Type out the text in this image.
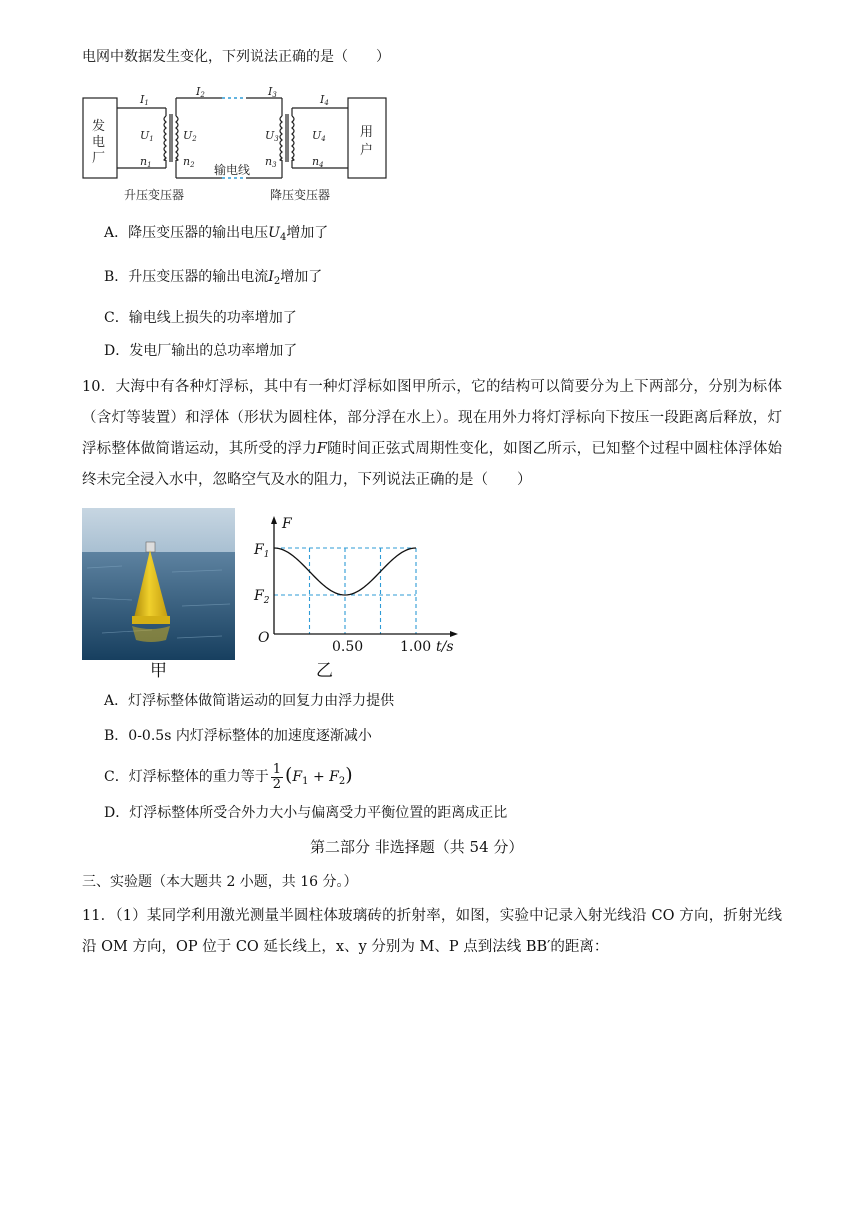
电网中数据发生变化，下列说法正确的是（　　）
发
电
厂
用
户
I1
I2	I3	I4
U1	U2	U3	U4
n1	n2	n3	n4
输电线
升压变压器	降压变压器
A．降压变压器的输出电压$U_4$增加了
B．升压变压器的输出电流$I_2$增加了
C．输电线上损失的功率增加了
D．发电厂输出的总功率增加了
10．大海中有各种灯浮标，其中有一种灯浮标如图甲所示，它的结构可以简要分为上下两部分，分别为标体（含灯等装置）和浮体（形状为圆柱体，部分浮在水上）。现在用外力将灯浮标向下按压一段距离后释放，灯浮标整体做简谐运动，其所受的浮力F随时间正弦式周期性变化，如图乙所示，已知整个过程中圆柱体浮体始终未完全浸入水中，忽略空气及水的阻力，下列说法正确的是（　　）
甲
F
$F_1$
$F_2$
O
0.50	1.00 t/s
乙
A．灯浮标整体做简谐运动的回复力由浮力提供
B．0-0.5s 内灯浮标整体的加速度逐渐减小
C．灯浮标整体的重力等于 $\frac{1}{2} (F_1 + F_2)$
D．灯浮标整体所受合外力大小与偏离受力平衡位置的距离成正比
第二部分 非选择题（共 54 分）
三、实验题（本大题共 2 小题，共 16 分。）
11．（1）某同学利用激光测量半圆柱体玻璃砖的折射率，如图，实验中记录入射光线沿 CO 方向，折射光线沿 OM 方向，OP 位于 CO 延长线上，x、y 分别为 M、P 点到法线 BB′的距离：
